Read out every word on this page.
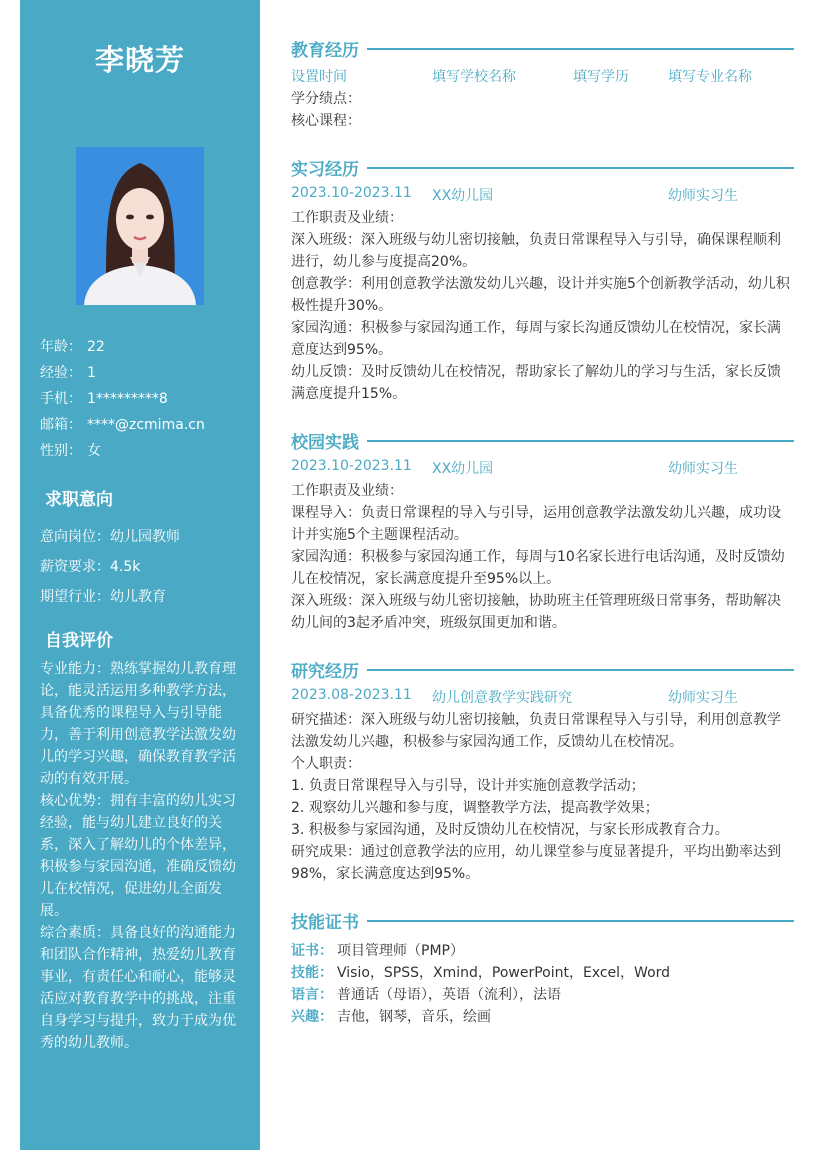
李晓芳
年龄： 22
经验： 1
手机： 1*********8
邮箱： ****@zcmima.cn
性别： 女
求职意向
意向岗位：幼儿园教师
薪资要求：4.5k
期望行业：幼儿教育
自我评价

专业能力：熟练掌握幼儿教育理论，能灵活运用多种教学方法，具备优秀的课程导入与引导能力，善于利用创意教学法激发幼儿的学习兴趣，确保教育教学活动的有效开展。

核心优势：拥有丰富的幼儿实习经验，能与幼儿建立良好的关系，深入了解幼儿的个体差异，积极参与家园沟通，准确反馈幼儿在校情况，促进幼儿全面发展。

综合素质：具备良好的沟通能力和团队合作精神，热爱幼儿教育事业，有责任心和耐心，能够灵活应对教育教学中的挑战，注重自身学习与提升，致力于成为优秀的幼儿教师。

教育经历
设置时间	填写学校名称	填写学历	填写专业名称

学分绩点：

核心课程：

实习经历
2023.10-2023.11 XX幼儿园	幼师实习生

工作职责及业绩：

深入班级：深入班级与幼儿密切接触，负责日常课程导入与引导，确保课程顺利进行，幼儿参与度提高20%。

创意教学：利用创意教学法激发幼儿兴趣，设计并实施5个创新教学活动，幼儿积极性提升30%。

家园沟通：积极参与家园沟通工作，每周与家长沟通反馈幼儿在校情况，家长满意度达到95%。

幼儿反馈：及时反馈幼儿在校情况，帮助家长了解幼儿的学习与生活，家长反馈满意度提升15%。

校园实践
2023.10-2023.11 XX幼儿园	幼师实习生

工作职责及业绩：

课程导入：负责日常课程的导入与引导，运用创意教学法激发幼儿兴趣，成功设计并实施5个主题课程活动。

家园沟通：积极参与家园沟通工作，每周与10名家长进行电话沟通，及时反馈幼儿在校情况，家长满意度提升至95%以上。

深入班级：深入班级与幼儿密切接触，协助班主任管理班级日常事务，帮助解决幼儿间的3起矛盾冲突，班级氛围更加和谐。

研究经历
2023.08-2023.11 幼儿创意教学实践研究	幼师实习生

研究描述：深入班级与幼儿密切接触，负责日常课程导入与引导，利用创意教学法激发幼儿兴趣，积极参与家园沟通工作，反馈幼儿在校情况。

个人职责：

1. 负责日常课程导入与引导，设计并实施创意教学活动；

2. 观察幼儿兴趣和参与度，调整教学方法，提高教学效果；

3. 积极参与家园沟通，及时反馈幼儿在校情况，与家长形成教育合力。

研究成果：通过创意教学法的应用，幼儿课堂参与度显著提升，平均出勤率达到98%，家长满意度达到95%。

技能证书
证书： 项目管理师（PMP）
技能： Visio，SPSS，Xmind，PowerPoint，Excel，Word
语言： 普通话（母语），英语（流利），法语
兴趣： 吉他，钢琴，音乐，绘画
